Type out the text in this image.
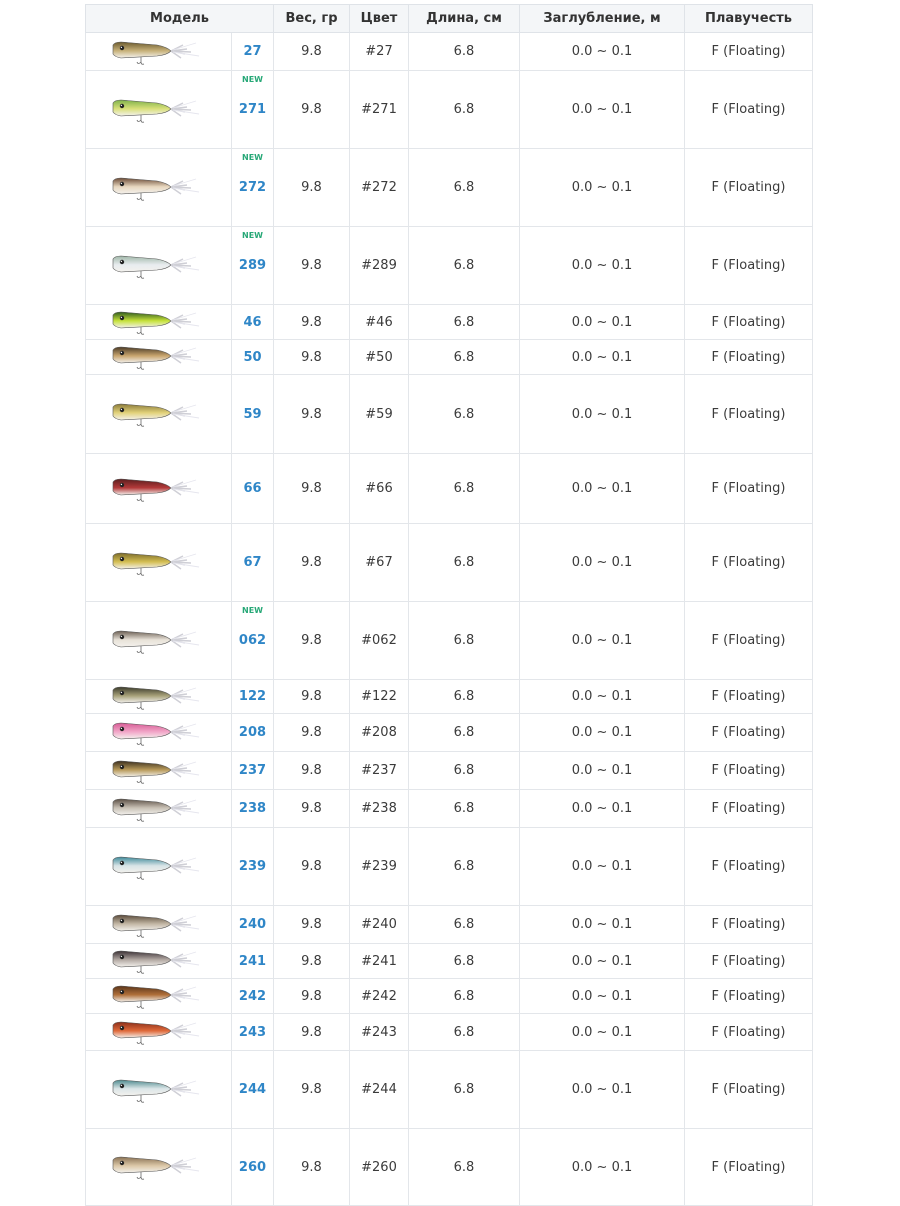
Модель		Вес, гр	Цвет	Длина, см	Заглубление, м	Плавучесть

27	9.8	#27	6.8	0.0 ~ 0.1	F (Floating)

NEW
271	9.8	#271	6.8	0.0 ~ 0.1	F (Floating)

NEW
272	9.8	#272	6.8	0.0 ~ 0.1	F (Floating)

NEW
289	9.8	#289	6.8	0.0 ~ 0.1	F (Floating)

46	9.8	#46	6.8	0.0 ~ 0.1	F (Floating)

50	9.8	#50	6.8	0.0 ~ 0.1	F (Floating)

59	9.8	#59	6.8	0.0 ~ 0.1	F (Floating)

66	9.8	#66	6.8	0.0 ~ 0.1	F (Floating)

67	9.8	#67	6.8	0.0 ~ 0.1	F (Floating)

NEW
062	9.8	#062	6.8	0.0 ~ 0.1	F (Floating)

122	9.8	#122	6.8	0.0 ~ 0.1	F (Floating)

208	9.8	#208	6.8	0.0 ~ 0.1	F (Floating)

237	9.8	#237	6.8	0.0 ~ 0.1	F (Floating)

238	9.8	#238	6.8	0.0 ~ 0.1	F (Floating)

239	9.8	#239	6.8	0.0 ~ 0.1	F (Floating)

240	9.8	#240	6.8	0.0 ~ 0.1	F (Floating)

241	9.8	#241	6.8	0.0 ~ 0.1	F (Floating)

242	9.8	#242	6.8	0.0 ~ 0.1	F (Floating)

243	9.8	#243	6.8	0.0 ~ 0.1	F (Floating)

244	9.8	#244	6.8	0.0 ~ 0.1	F (Floating)

260	9.8	#260	6.8	0.0 ~ 0.1	F (Floating)
